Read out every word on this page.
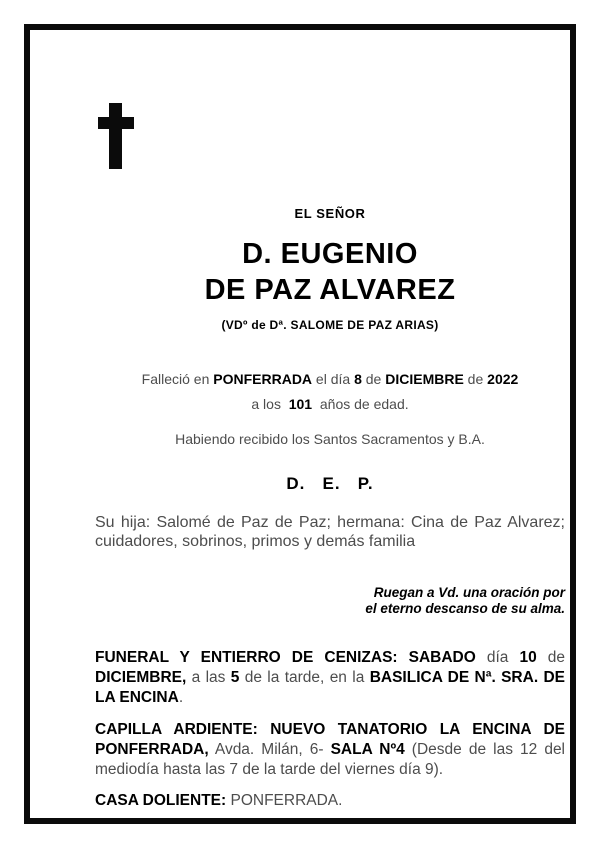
EL SEÑOR
D. EUGENIO
DE PAZ ALVAREZ
(VDº de Dª. SALOME DE PAZ ARIAS)
Falleció en PONFERRADA el día 8 de DICIEMBRE de 2022
a los  101  años de edad.
Habiendo recibido los Santos Sacramentos y B.A.
D.   E.   P.
Su hija: Salomé de Paz de Paz; hermana: Cina de Paz Alvarez; cuidadores, sobrinos, primos y demás familia
Ruegan a Vd. una oración por
el eterno descanso de su alma.
FUNERAL Y ENTIERRO DE CENIZAS: SABADO día 10 de DICIEMBRE, a las 5 de la tarde, en la BASILICA DE Nª. SRA. DE LA ENCINA.
CAPILLA ARDIENTE: NUEVO TANATORIO LA ENCINA DE PONFERRADA, Avda. Milán, 6- SALA Nº4 (Desde de las 12 del mediodía hasta las 7 de la tarde del viernes día 9).
CASA DOLIENTE: PONFERRADA.
